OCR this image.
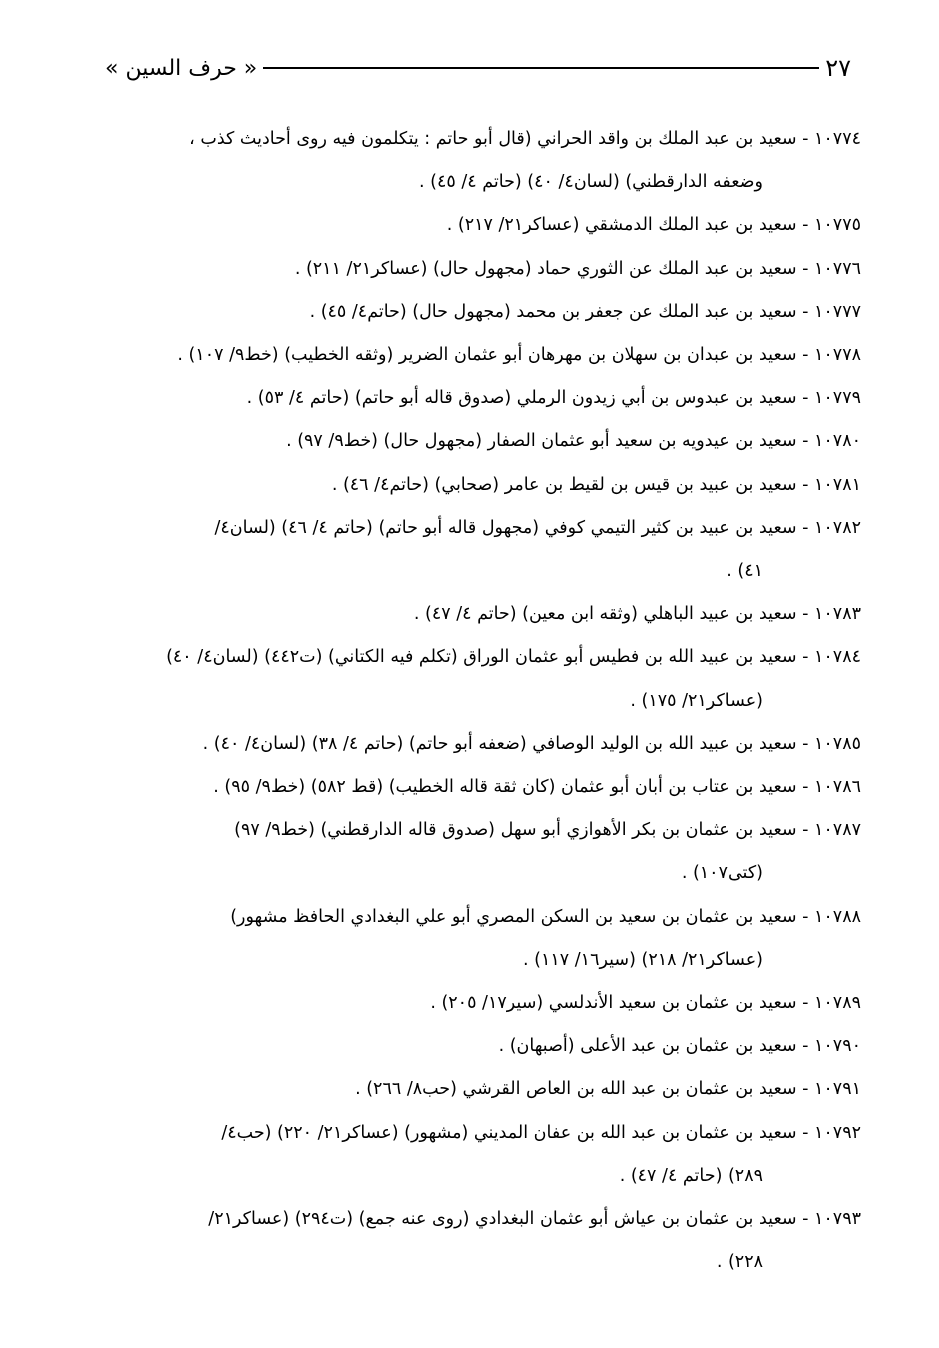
« حرف السين »	٢٧
١٠٧٧٤ - سعيد بن عبد الملك بن واقد الحراني (قال أبو حاتم : يتكلمون فيه روى أحاديث كذب ،
وضعفه الدارقطني) (لسان٤/ ٤٠) (حاتم ٤/ ٤٥) .
١٠٧٧٥ - سعيد بن عبد الملك الدمشقي (عساكر٢١/ ٢١٧) .
١٠٧٧٦ - سعيد بن عبد الملك عن الثوري حماد (مجهول حال) (عساكر٢١/ ٢١١) .
١٠٧٧٧ - سعيد بن عبد الملك عن جعفر بن محمد (مجهول حال) (حاتم٤/ ٤٥) .
١٠٧٧٨ - سعيد بن عبدان بن سهلان بن مهرهان أبو عثمان الضرير (وثقه الخطيب) (خط٩/ ١٠٧) .
١٠٧٧٩ - سعيد بن عبدوس بن أبي زيدون الرملي (صدوق قاله أبو حاتم) (حاتم ٤/ ٥٣) .
١٠٧٨٠ - سعيد بن عيدويه بن سعيد أبو عثمان الصفار (مجهول حال) (خط٩/ ٩٧) .
١٠٧٨١ - سعيد بن عبيد بن قيس بن لقيط بن عامر (صحابي) (حاتم٤/ ٤٦) .
١٠٧٨٢ - سعيد بن عبيد بن كثير التيمي كوفي (مجهول قاله أبو حاتم) (حاتم ٤/ ٤٦) (لسان٤/
٤١) .
١٠٧٨٣ - سعيد بن عبيد الباهلي (وثقه ابن معين) (حاتم ٤/ ٤٧) .
١٠٧٨٤ - سعيد بن عبيد الله بن فطيس أبو عثمان الوراق (تكلم فيه الكتاني) (ت٤٤٢) (لسان٤/ ٤٠)
(عساكر٢١/ ١٧٥) .
١٠٧٨٥ - سعيد بن عبيد الله بن الوليد الوصافي (ضعفه أبو حاتم) (حاتم ٤/ ٣٨) (لسان٤/ ٤٠) .
١٠٧٨٦ - سعيد بن عتاب بن أبان أبو عثمان (كان ثقة قاله الخطيب) (قط ٥٨٢) (خط٩/ ٩٥) .
١٠٧٨٧ - سعيد بن عثمان بن بكر الأهوازي أبو سهل (صدوق قاله الدارقطني) (خط٩/ ٩٧)
(كتى١٠٧) .
١٠٧٨٨ - سعيد بن عثمان بن سعيد بن السكن المصري أبو علي البغدادي الحافظ مشهور)
(عساكر٢١/ ٢١٨) (سير١٦/ ١١٧) .
١٠٧٨٩ - سعيد بن عثمان بن سعيد الأندلسي (سير١٧/ ٢٠٥) .
١٠٧٩٠ - سعيد بن عثمان بن عبد الأعلى (أصبهان) .
١٠٧٩١ - سعيد بن عثمان بن عبد الله بن العاص القرشي (حب٨/ ٢٦٦) .
١٠٧٩٢ - سعيد بن عثمان بن عبد الله بن عفان المديني (مشهور) (عساكر٢١/ ٢٢٠) (حب٤/
٢٨٩) (حاتم ٤/ ٤٧) .
١٠٧٩٣ - سعيد بن عثمان بن عياش أبو عثمان البغدادي (روى عنه جمع) (ت٢٩٤) (عساكر٢١/
٢٢٨) .
